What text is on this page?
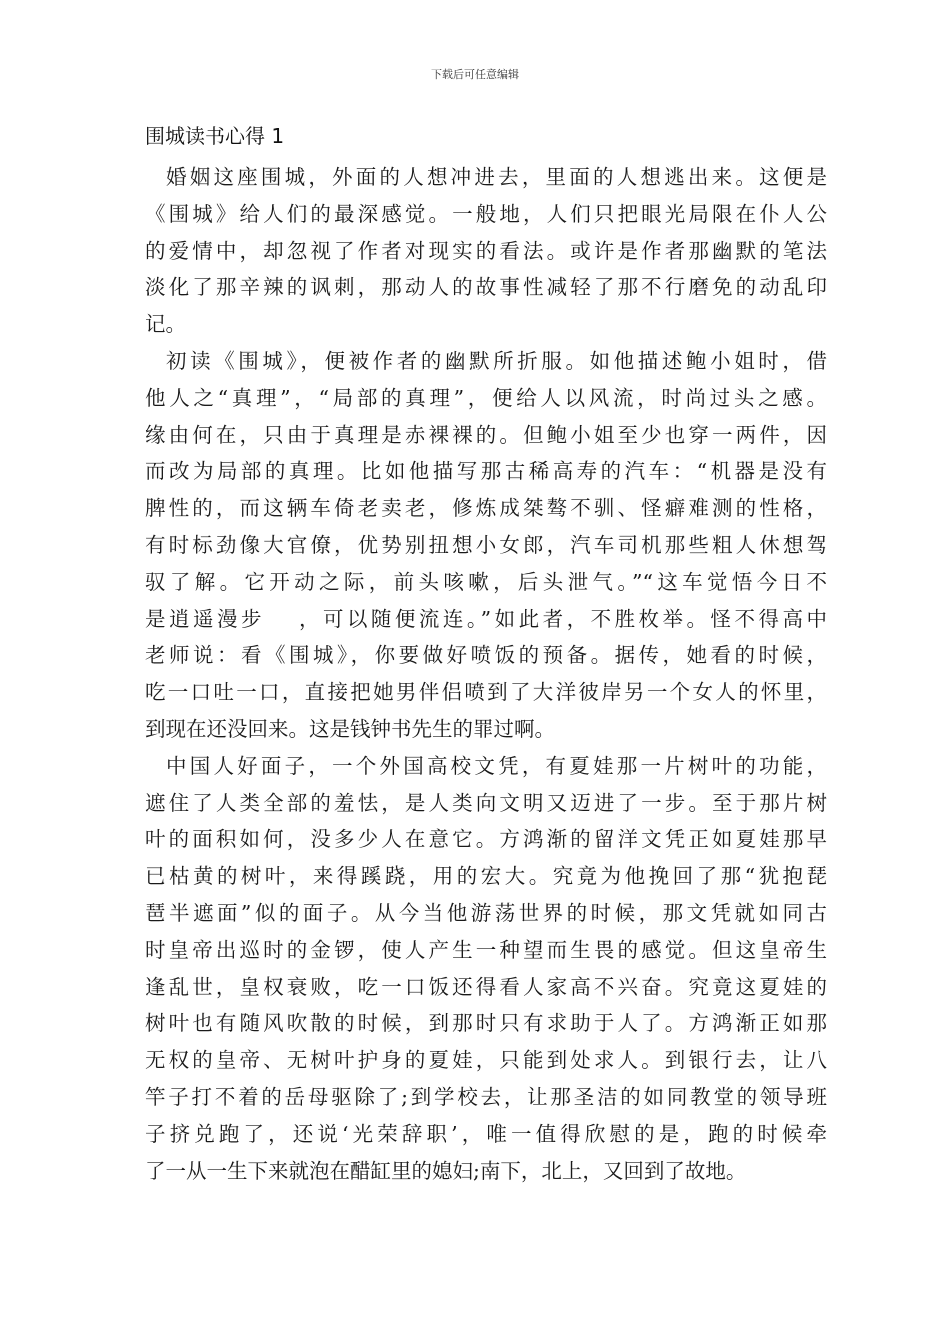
下载后可任意编辑
围城读书心得 1
婚姻这座围城，外面的人想冲进去，里面的人想逃出来。这便是
《围城》给人们的最深感觉。一般地，人们只把眼光局限在仆人公
的爱情中，却忽视了作者对现实的看法。或许是作者那幽默的笔法
淡化了那辛辣的讽刺，那动人的故事性减轻了那不行磨免的动乱印
记。
初读《围城》，便被作者的幽默所折服。如他描述鲍小姐时，借
他人之“真理”，“局部的真理”，便给人以风流，时尚过头之感。
缘由何在，只由于真理是赤裸裸的。但鲍小姐至少也穿一两件，因
而改为局部的真理。比如他描写那古稀高寿的汽车：“机器是没有
脾性的，而这辆车倚老卖老，修炼成桀骜不驯、怪癖难测的性格，
有时标劲像大官僚，优势别扭想小女郎，汽车司机那些粗人休想驾
驭了解。它开动之际，前头咳嗽，后头泄气。”“这车觉悟今日不
是逍遥漫步 　，可以随便流连。”如此者，不胜枚举。怪不得高中
老师说：看《围城》，你要做好喷饭的预备。据传，她看的时候，
吃一口吐一口，直接把她男伴侣喷到了大洋彼岸另一个女人的怀里，
到现在还没回来。这是钱钟书先生的罪过啊。
中国人好面子，一个外国高校文凭，有夏娃那一片树叶的功能，
遮住了人类全部的羞怯，是人类向文明又迈进了一步。至于那片树
叶的面积如何，没多少人在意它。方鸿渐的留洋文凭正如夏娃那早
已枯黄的树叶，来得蹊跷，用的宏大。究竟为他挽回了那“犹抱琵
琶半遮面”似的面子。从今当他游荡世界的时候，那文凭就如同古
时皇帝出巡时的金锣，使人产生一种望而生畏的感觉。但这皇帝生
逢乱世，皇权衰败，吃一口饭还得看人家高不兴奋。究竟这夏娃的
树叶也有随风吹散的时候，到那时只有求助于人了。方鸿渐正如那
无权的皇帝、无树叶护身的夏娃，只能到处求人。到银行去，让八
竿子打不着的岳母驱除了;到学校去，让那圣洁的如同教堂的领导班
子挤兑跑了，还说‘光荣辞职’，唯一值得欣慰的是，跑的时候牵
了一从一生下来就泡在醋缸里的媳妇;南下，北上，又回到了故地。
